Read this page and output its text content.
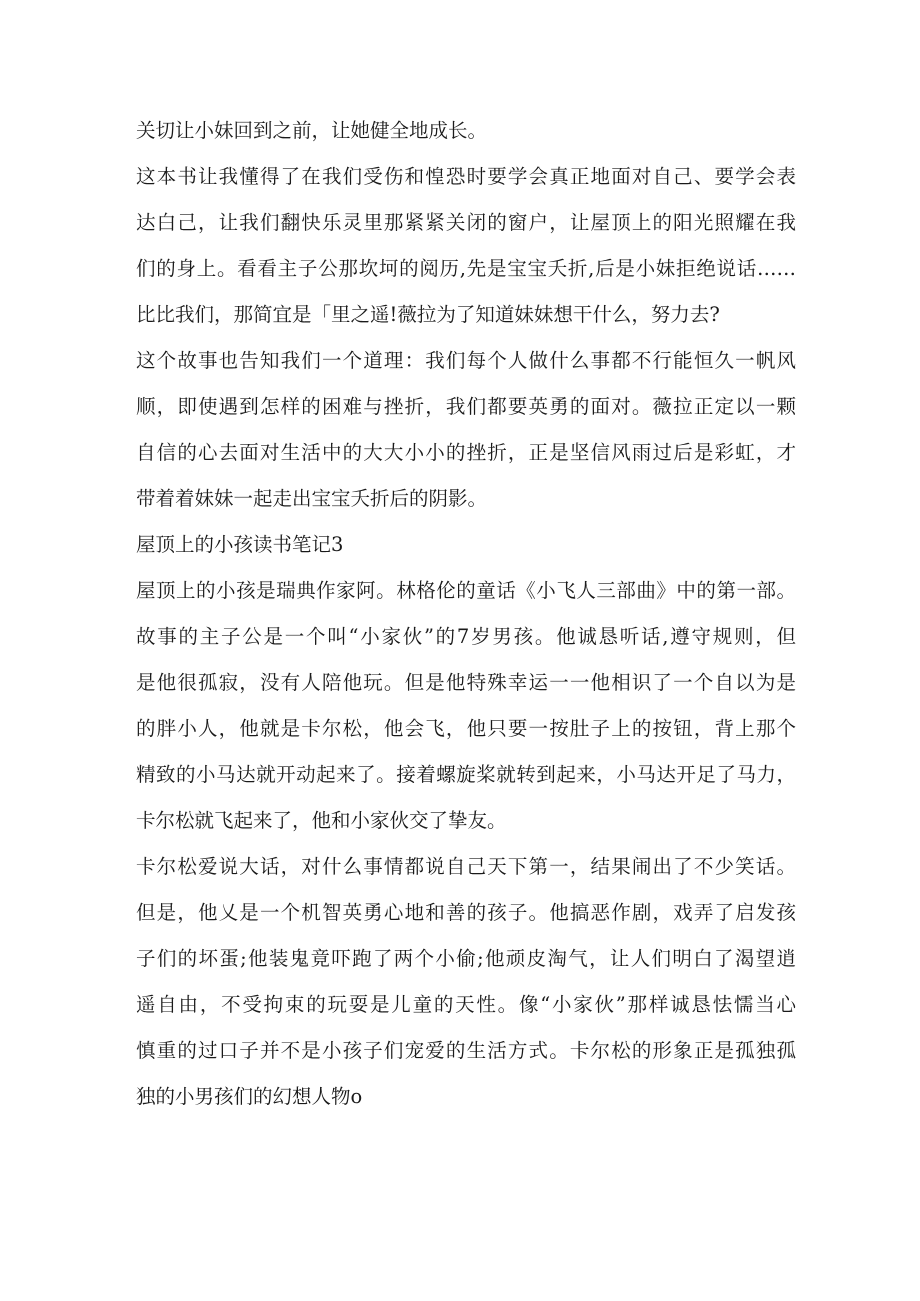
关切让小妹回到之前，让她健全地成长。
这本书让我懂得了在我们受伤和惶恐时要学会真正地面对自己、要学会表
达白己，让我们翻快乐灵里那紧紧关闭的窗户，让屋顶上的阳光照耀在我
们的身上。看看主子公那坎坷的阅历,先是宝宝夭折,后是小妹拒绝说话……
比比我们，那简宜是「里之遥!薇拉为了知道妹妹想干什么，努力去?
这个故事也告知我们一个道理：我们每个人做什么事都不行能恒久一帆风
顺，即使遇到怎样的困难与挫折，我们都要英勇的面对。薇拉正定以一颗
自信的心去面对生活中的大大小小的挫折，正是坚信风雨过后是彩虹，才
带着着妹妹一起走出宝宝夭折后的阴影。
屋顶上的小孩读书笔记3
屋顶上的小孩是瑞典作家阿。林格伦的童话《小飞人三部曲》中的第一部。
故事的主子公是一个叫“小家伙”的7岁男孩。他诚恳听话,遵守规则，但
是他很孤寂，没有人陪他玩。但是他特殊幸运一一他相识了一个自以为是
的胖小人，他就是卡尔松，他会飞，他只要一按肚子上的按钮，背上那个
精致的小马达就开动起来了。接着螺旋桨就转到起来，小马达开足了马力，
卡尔松就飞起来了，他和小家伙交了挚友。
卡尔松爱说大话，对什么事情都说自己天下第一，结果闹出了不少笑话。
但是，他乂是一个机智英勇心地和善的孩子。他搞恶作剧，戏弄了启发孩
子们的坏蛋;他装鬼竟吓跑了两个小偷;他顽皮淘气，让人们明白了渴望逍
遥自由，不受拘束的玩耍是儿童的天性。像“小家伙”那样诚恳怯懦当心
慎重的过口子并不是小孩子们宠爱的生活方式。卡尔松的形象正是孤独孤
独的小男孩们的幻想人物o
